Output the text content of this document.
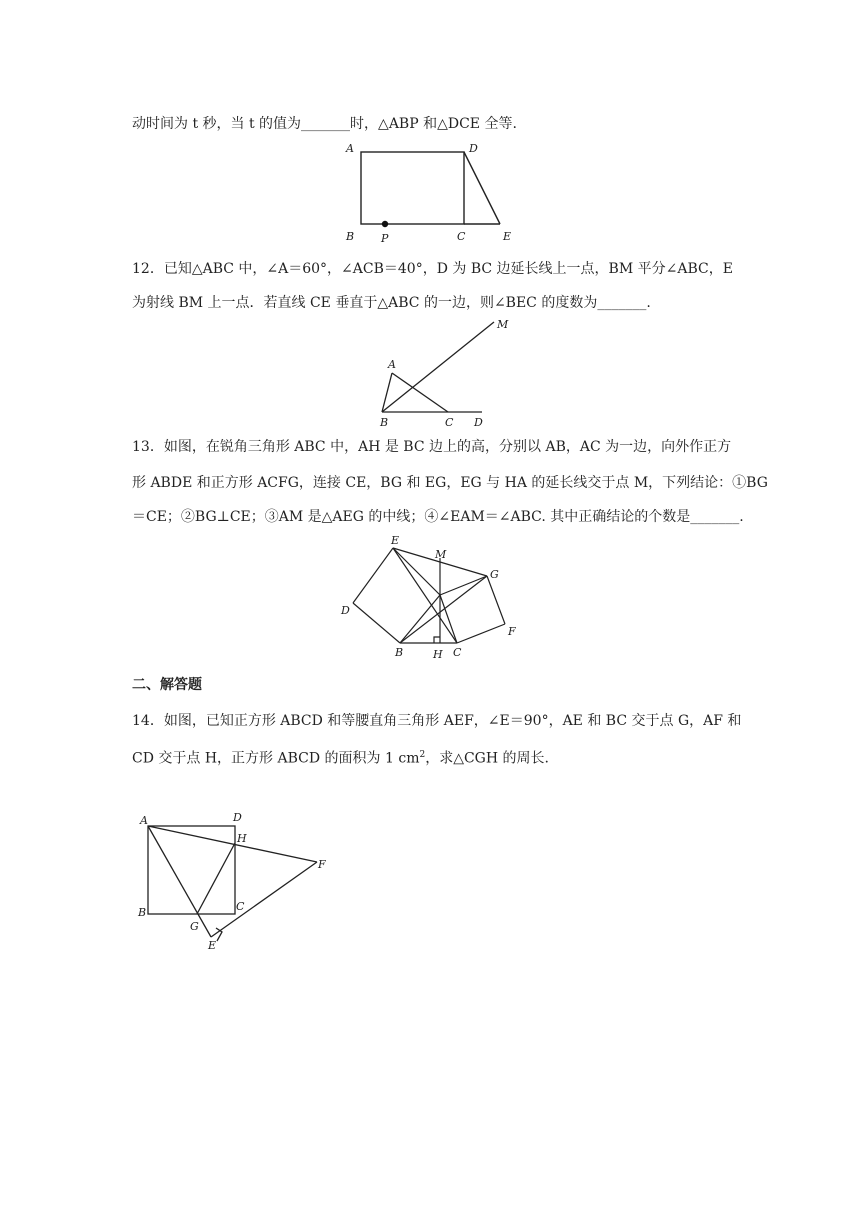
动时间为 t 秒，当 t 的值为_______时，△ABP 和△DCE 全等.
A	D
B P	C	E
12．已知△ABC 中，∠A＝60°，∠ACB＝40°，D 为 BC 边延长线上一点，BM 平分∠ABC，E
为射线 BM 上一点．若直线 CE 垂直于△ABC 的一边，则∠BEC 的度数为_______.
M
A
B	C D
13．如图，在锐角三角形 ABC 中，AH 是 BC 边上的高，分别以 AB，AC 为一边，向外作正方
形 ABDE 和正方形 ACFG，连接 CE，BG 和 EG，EG 与 HA 的延长线交于点 M，下列结论：①BG
＝CE；②BG⊥CE；③AM 是△AEG 的中线；④∠EAM＝∠ABC. 其中正确结论的个数是_______.
E
M
G
D
F
B	H C
二、解答题
14．如图，已知正方形 ABCD 和等腰直角三角形 AEF，∠E＝90°，AE 和 BC 交于点 G，AF 和
CD 交于点 H，正方形 ABCD 的面积为 1 $cm^2$，求△CGH 的周长.
A	D
H
F
B	C
G
E
